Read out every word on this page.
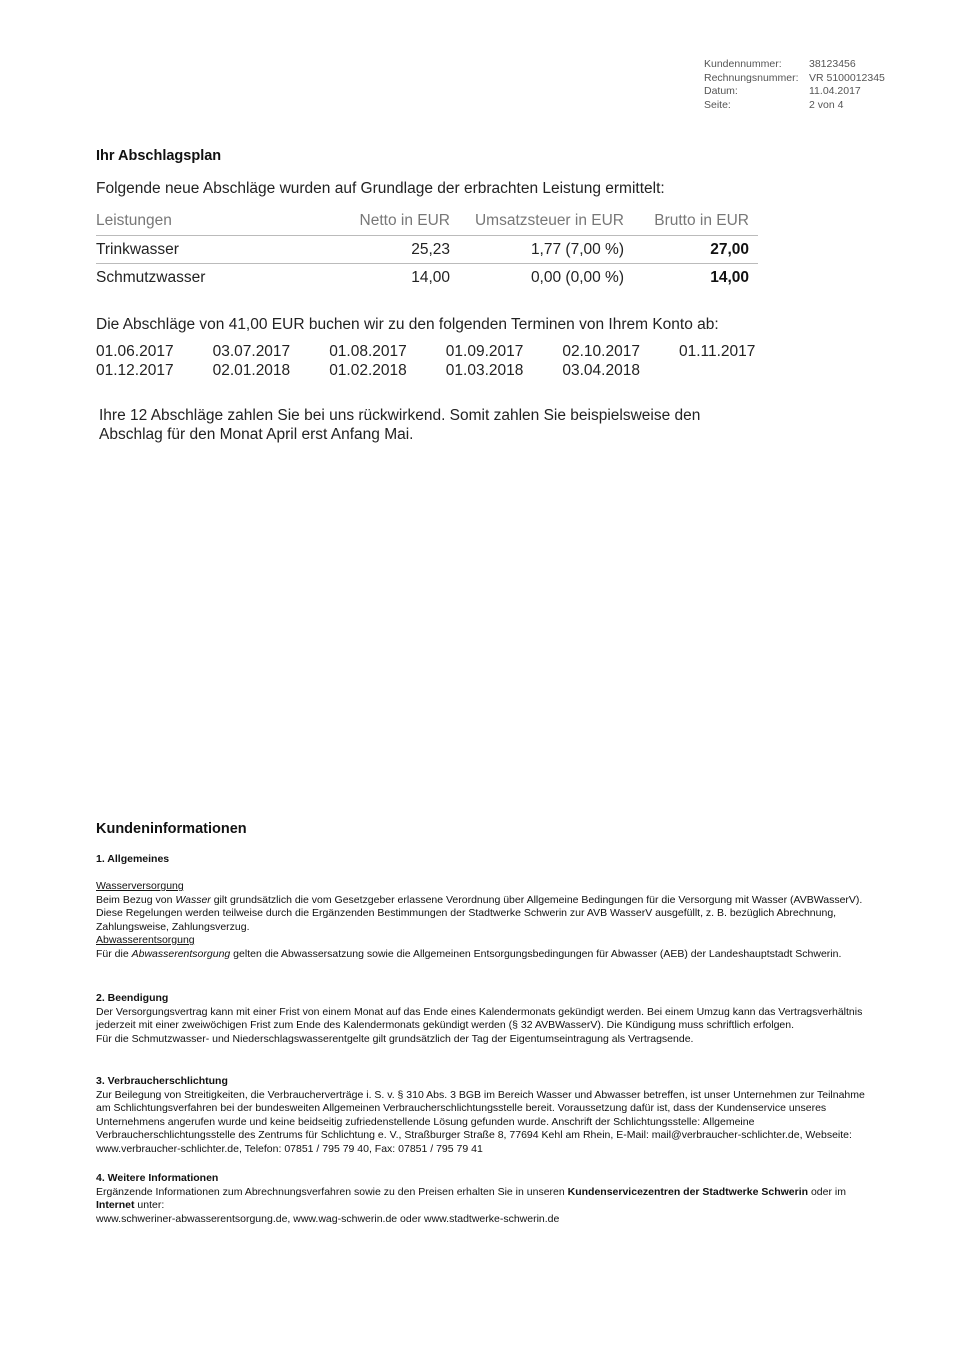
Kundennummer:	38123456
Rechnungsnummer: VR 5100012345
Datum:	11.04.2017
Seite:	2 von 4
Ihr Abschlagsplan
Folgende neue Abschläge wurden auf Grundlage der erbrachten Leistung ermittelt:
Leistungen	Netto in EUR	Umsatzsteuer in EUR	Brutto in EUR
Trinkwasser	25,23	1,77 (7,00 %)	27,00
Schmutzwasser	14,00	0,00 (0,00 %)	14,00
Die Abschläge von 41,00 EUR buchen wir zu den folgenden Terminen von Ihrem Konto ab:
01.06.2017	03.07.2017	01.08.2017	01.09.2017	02.10.2017	01.11.2017
01.12.2017	02.01.2018	01.02.2018	01.03.2018	03.04.2018
Ihre 12 Abschläge zahlen Sie bei uns rückwirkend. Somit zahlen Sie beispielsweise den Abschlag für den Monat April erst Anfang Mai.
Kundeninformationen

1. Allgemeines

Wasserversorgung

Beim Bezug von Wasser gilt grundsätzlich die vom Gesetzgeber erlassene Verordnung über Allgemeine Bedingungen für die Versorgung mit Wasser (AVBWasserV). Diese Regelungen werden teilweise durch die Ergänzenden Bestimmungen der Stadtwerke Schwerin zur AVB WasserV ausgefüllt, z. B. bezüglich Abrechnung, Zahlungsweise, Zahlungsverzug.

Abwasserentsorgung

Für die Abwasserentsorgung gelten die Abwassersatzung sowie die Allgemeinen Entsorgungsbedingungen für Abwasser (AEB) der Landeshauptstadt Schwerin.

2. Beendigung

Der Versorgungsvertrag kann mit einer Frist von einem Monat auf das Ende eines Kalendermonats gekündigt werden. Bei einem Umzug kann das Vertragsverhältnis jederzeit mit einer zweiwöchigen Frist zum Ende des Kalendermonats gekündigt werden (§ 32 AVBWasserV). Die Kündigung muss schriftlich erfolgen.

Für die Schmutzwasser- und Niederschlagswasserentgelte gilt grundsätzlich der Tag der Eigentumseintragung als Vertragsende.

3. Verbraucherschlichtung

Zur Beilegung von Streitigkeiten, die Verbraucherverträge i. S. v. § 310 Abs. 3 BGB im Bereich Wasser und Abwasser betreffen, ist unser Unternehmen zur Teilnahme am Schlichtungsverfahren bei der bundesweiten Allgemeinen Verbraucherschlichtungsstelle bereit. Voraussetzung dafür ist, dass der Kundenservice unseres Unternehmens angerufen wurde und keine beidseitig zufriedenstellende Lösung gefunden wurde. Anschrift der Schlichtungsstelle: Allgemeine Verbraucherschlichtungsstelle des Zentrums für Schlichtung e. V., Straßburger Straße 8, 77694 Kehl am Rhein, E-Mail: mail@verbraucher-schlichter.de, Webseite: www.verbraucher-schlichter.de, Telefon: 07851 / 795 79 40, Fax: 07851 / 795 79 41

4. Weitere Informationen

Ergänzende Informationen zum Abrechnungsverfahren sowie zu den Preisen erhalten Sie in unseren Kundenservicezentren der Stadtwerke Schwerin oder im Internet unter:

www.schweriner-abwasserentsorgung.de, www.wag-schwerin.de oder www.stadtwerke-schwerin.de
